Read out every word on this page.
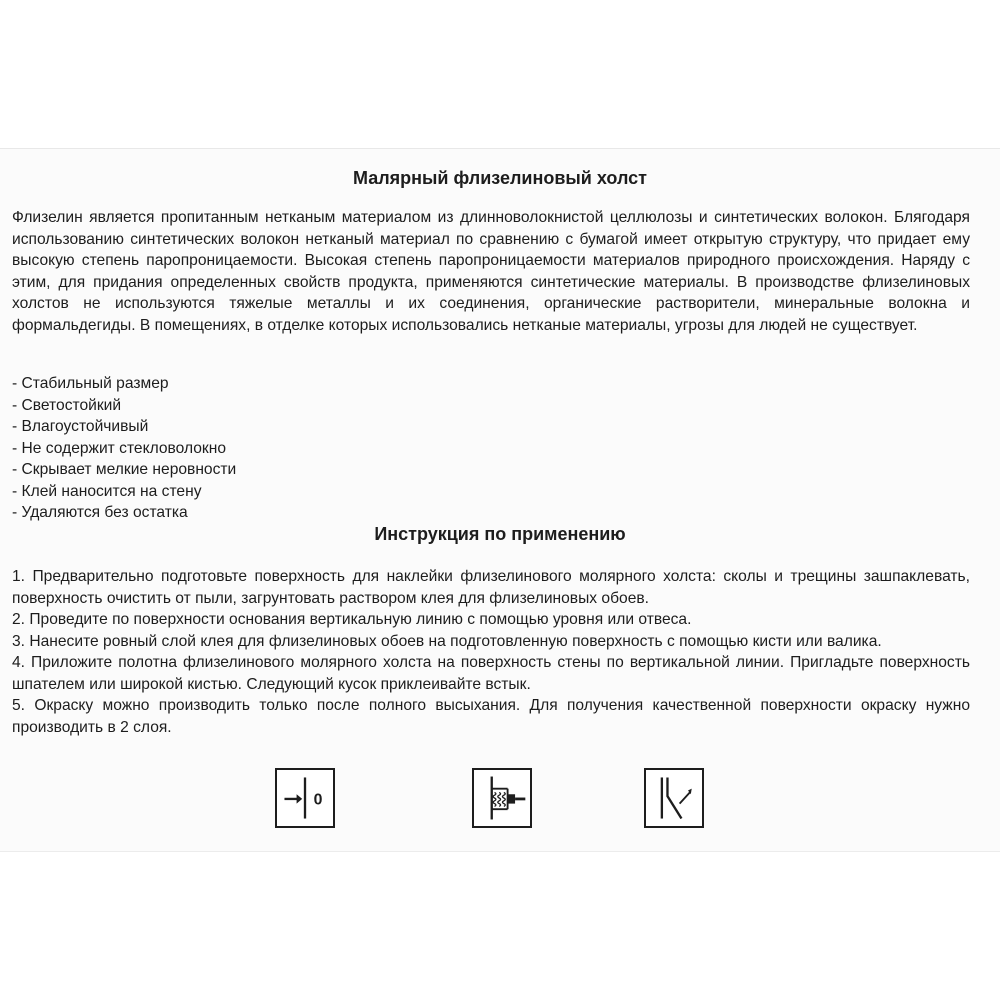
Малярный флизелиновый холст

Флизелин является пропитанным нетканым материалом из длинноволокнистой целлюлозы и синтетических волокон. Блягодаря использованию синтетических волокон нетканый материал по сравнению с бумагой имеет открытую структуру, что придает ему высокую степень паропроницаемости. Высокая степень паропроницаемости материалов природного происхождения. Наряду с этим, для придания определенных свойств продукта, применяются синтетические материалы. В производстве флизелиновых холстов не используются тяжелые металлы и их соединения, органические растворители, минеральные волокна и формальдегиды. В помещениях, в отделке которых использовались нетканые материалы, угрозы для людей не существует.

- Стабильный размер
- Светостойкий
- Влагоустойчивый
- Не содержит стекловолокно
- Скрывает мелкие неровности
- Клей наносится на стену
- Удаляются без остатка
Инструкция по применению
1. Предварительно подготовьте поверхность для наклейки флизелинового молярного холста: сколы и трещины зашпаклевать, поверхность очистить от пыли, загрунтовать раствором клея для флизелиновых обоев.
2. Проведите по поверхности основания вертикальную линию с помощью уровня или отвеса.
3. Нанесите ровный слой клея для флизелиновых обоев на подготовленную поверхность с помощью кисти или валика.
4. Приложите полотна флизелинового молярного холста на поверхность стены по вертикальной линии. Пригладьте поверхность шпателем или широкой кистью. Следующий кусок приклеивайте встык.
5. Окраску можно производить только после полного высыхания. Для получения качественной поверхности окраску нужно производить в 2 слоя.
0
